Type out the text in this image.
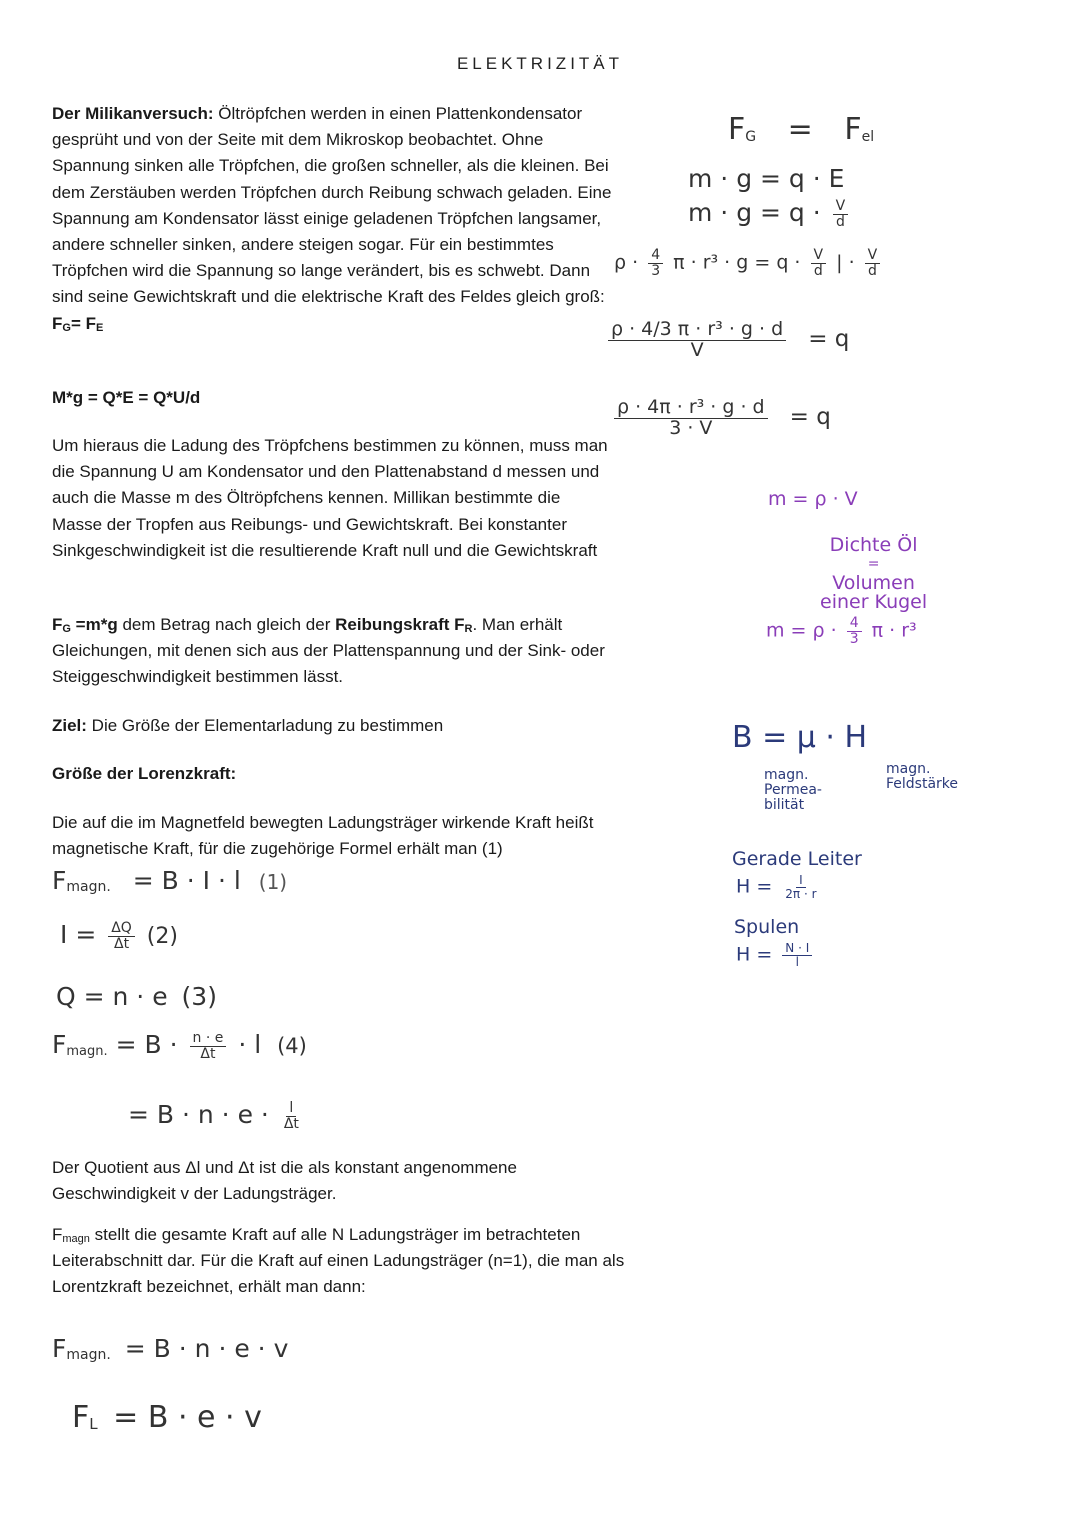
ELEKTRIZITÄT
Der Milikanversuch: Öltröpfchen werden in einen Plattenkondensator gesprüht und von der Seite mit dem Mikroskop beobachtet. Ohne Spannung sinken alle Tröpfchen, die großen schneller, als die kleinen. Bei dem Zerstäuben werden Tröpfchen durch Reibung schwach geladen. Eine Spannung am Kondensator lässt einige geladenen Tröpfchen langsamer, andere schneller sinken, andere steigen sogar. Für ein bestimmtes Tröpfchen wird die Spannung so lange verändert, bis es schwebt. Dann sind seine Gewichtskraft und die elektrische Kraft des Feldes gleich groß: $F_G= F_E$
M*g = Q*E = Q*U/d
Um hieraus die Ladung des Tröpfchens bestimmen zu können, muss man die Spannung U am Kondensator und den Plattenabstand d messen und auch die Masse m des Öltröpfchens kennen. Millikan bestimmte die Masse der Tropfen aus Reibungs- und Gewichtskraft. Bei konstanter Sinkgeschwindigkeit ist die resultierende Kraft null und die Gewichtskraft
$F_G =m*g$ dem Betrag nach gleich der Reibungskraft $F_R$. Man erhält Gleichungen, mit denen sich aus der Plattenspannung und der Sink- oder Steiggeschwindigkeit bestimmen lässt.
Ziel: Die Größe der Elementarladung zu bestimmen
Größe der Lorenzkraft:
Die auf die im Magnetfeld bewegten Ladungsträger wirkende Kraft heißt magnetische Kraft, für die zugehörige Formel erhält man (1)
$F_{magn.} = B \cdot I \cdot l$ (1)
$I = \frac{\Delta Q}{\Delta t} (2)$
Q = n · e (3)
$F_{magn.} = B \cdot \frac{n \cdot e}{\Delta t} \cdot l$ (4)
= $B \cdot n \cdot e \cdot \frac{l}{\Delta t}$
Der Quotient aus Δl und Δt ist die als konstant angenommene Geschwindigkeit v der Ladungsträger.
$F_{magn}$ stellt die gesamte Kraft auf alle N Ladungsträger im betrachteten Leiterabschnitt dar. Für die Kraft auf einen Ladungsträger (n=1), die man als Lorentzkraft bezeichnet, erhält man dann:
$F_{magn.} = B \cdot n \cdot e \cdot v$
$F_L = B \cdot e \cdot v$
$F_G = F_{el}$
m · g = q · E
$m \cdot g = q \cdot \frac{V}{d}$
$\rho \cdot \frac{4}{3}$ $\pi \cdot r^3 \cdot g = q \cdot \frac{V}{d}$ | · $\frac{V}{d}$
$\frac{\text{ρ · 4/3 π · r³ · g · d}}{V} = q$
$\frac{\text{ρ · 4π · r³ · g · d}}{3 \cdot V} = q$
m = ρ · V
Dichte Öl
=
Volumen
einer Kugel
$m = \rho \cdot \frac{4}{3}$ π · r³
B = μ · H
magn.
Permea-
bilität
magn.
Feldstärke
Gerade Leiter
$H = \frac{I}{2\pi \cdot r}$
Spulen
$H = \frac{N \cdot I}{l}$
